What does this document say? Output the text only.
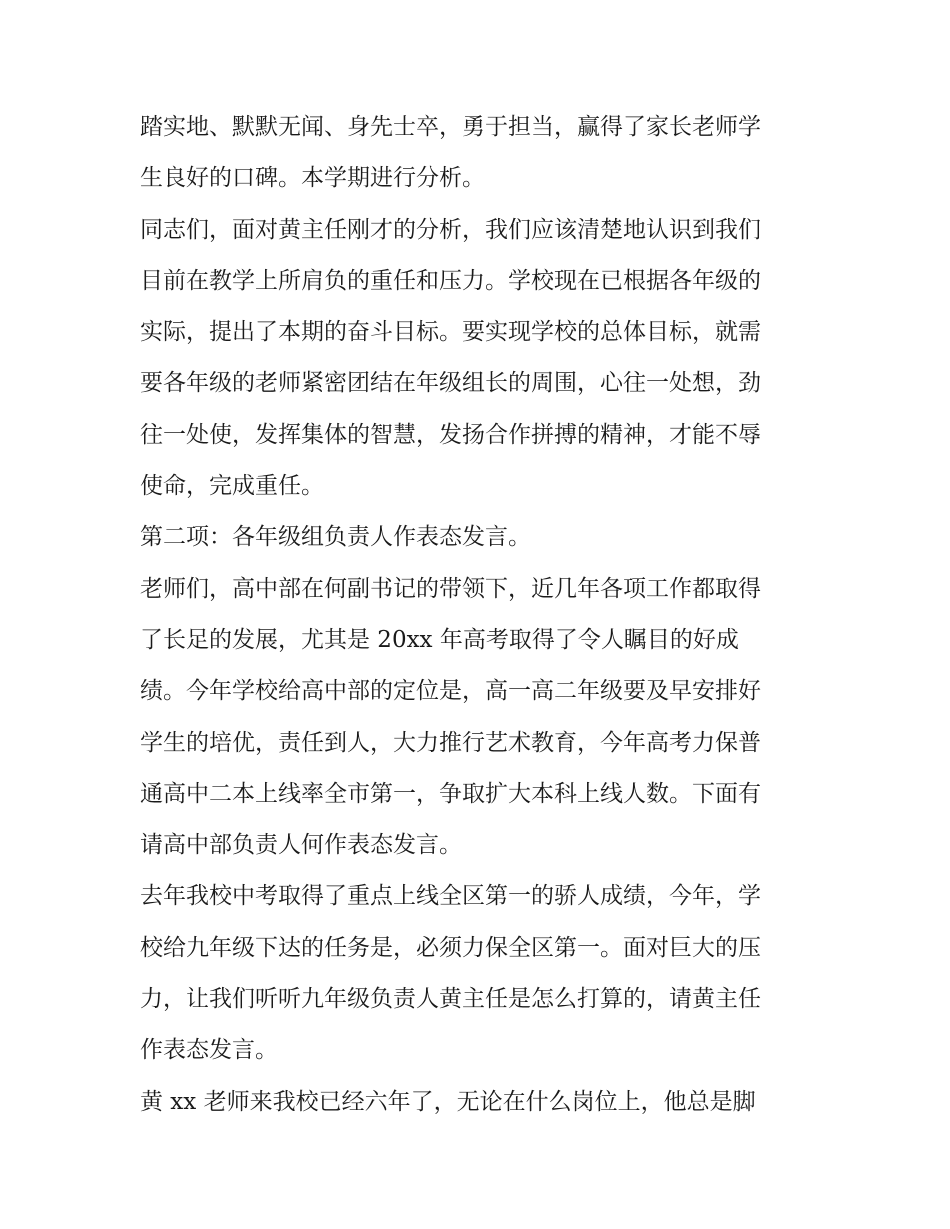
踏实地、默默无闻、身先士卒，勇于担当，赢得了家长老师学
生良好的口碑。本学期进行分析。
同志们，面对黄主任刚才的分析，我们应该清楚地认识到我们
目前在教学上所肩负的重任和压力。学校现在已根据各年级的
实际，提出了本期的奋斗目标。要实现学校的总体目标，就需
要各年级的老师紧密团结在年级组长的周围，心往一处想，劲
往一处使，发挥集体的智慧，发扬合作拼搏的精神，才能不辱
使命，完成重任。
第二项：各年级组负责人作表态发言。
老师们，高中部在何副书记的带领下，近几年各项工作都取得
了长足的发展，尤其是 20xx 年高考取得了令人瞩目的好成
绩。今年学校给高中部的定位是，高一高二年级要及早安排好
学生的培优，责任到人，大力推行艺术教育，今年高考力保普
通高中二本上线率全市第一，争取扩大本科上线人数。下面有
请高中部负责人何作表态发言。
去年我校中考取得了重点上线全区第一的骄人成绩，今年，学
校给九年级下达的任务是，必须力保全区第一。面对巨大的压
力，让我们听听九年级负责人黄主任是怎么打算的，请黄主任
作表态发言。
黄 xx 老师来我校已经六年了，无论在什么岗位上，他总是脚
